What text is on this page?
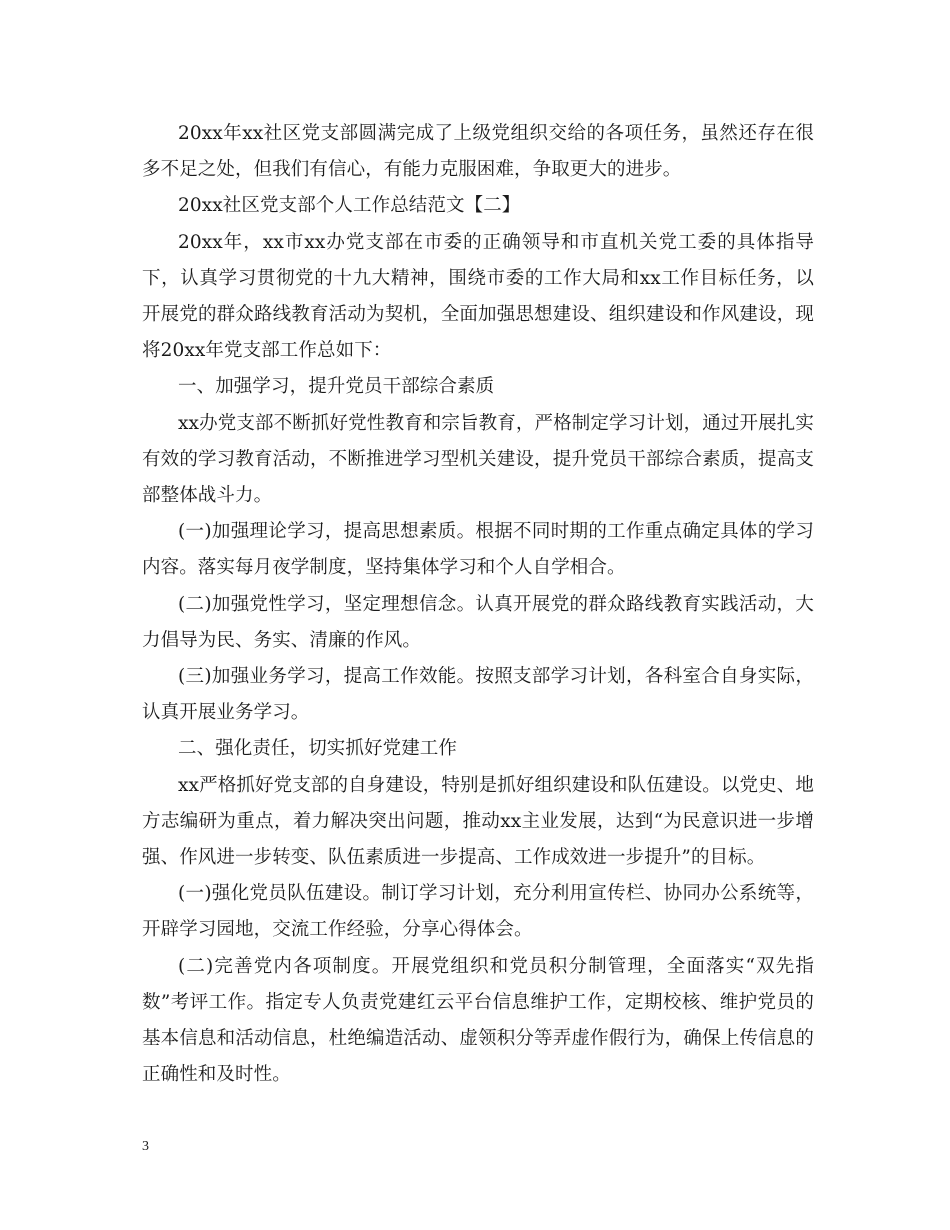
20xx年xx社区党支部圆满完成了上级党组织交给的各项任务，虽然还存在很多不足之处，但我们有信心，有能力克服困难，争取更大的进步。

20xx社区党支部个人工作总结范文【二】

20xx年，xx市xx办党支部在市委的正确领导和市直机关党工委的具体指导下，认真学习贯彻党的十九大精神，围绕市委的工作大局和xx工作目标任务，以开展党的群众路线教育活动为契机，全面加强思想建设、组织建设和作风建设，现将20xx年党支部工作总如下：

一、加强学习，提升党员干部综合素质

xx办党支部不断抓好党性教育和宗旨教育，严格制定学习计划，通过开展扎实有效的学习教育活动，不断推进学习型机关建设，提升党员干部综合素质，提高支部整体战斗力。

(一)加强理论学习，提高思想素质。根据不同时期的工作重点确定具体的学习内容。落实每月夜学制度，坚持集体学习和个人自学相合。

(二)加强党性学习，坚定理想信念。认真开展党的群众路线教育实践活动，大力倡导为民、务实、清廉的作风。

(三)加强业务学习，提高工作效能。按照支部学习计划，各科室合自身实际，认真开展业务学习。

二、强化责任，切实抓好党建工作

xx严格抓好党支部的自身建设，特别是抓好组织建设和队伍建设。以党史、地方志编研为重点，着力解决突出问题，推动xx主业发展，达到“为民意识进一步增强、作风进一步转变、队伍素质进一步提高、工作成效进一步提升”的目标。

(一)强化党员队伍建设。制订学习计划，充分利用宣传栏、协同办公系统等，开辟学习园地，交流工作经验，分享心得体会。

(二)完善党内各项制度。开展党组织和党员积分制管理，全面落实“双先指数”考评工作。指定专人负责党建红云平台信息维护工作，定期校核、维护党员的基本信息和活动信息，杜绝编造活动、虚领积分等弄虚作假行为，确保上传信息的正确性和及时性。

3
